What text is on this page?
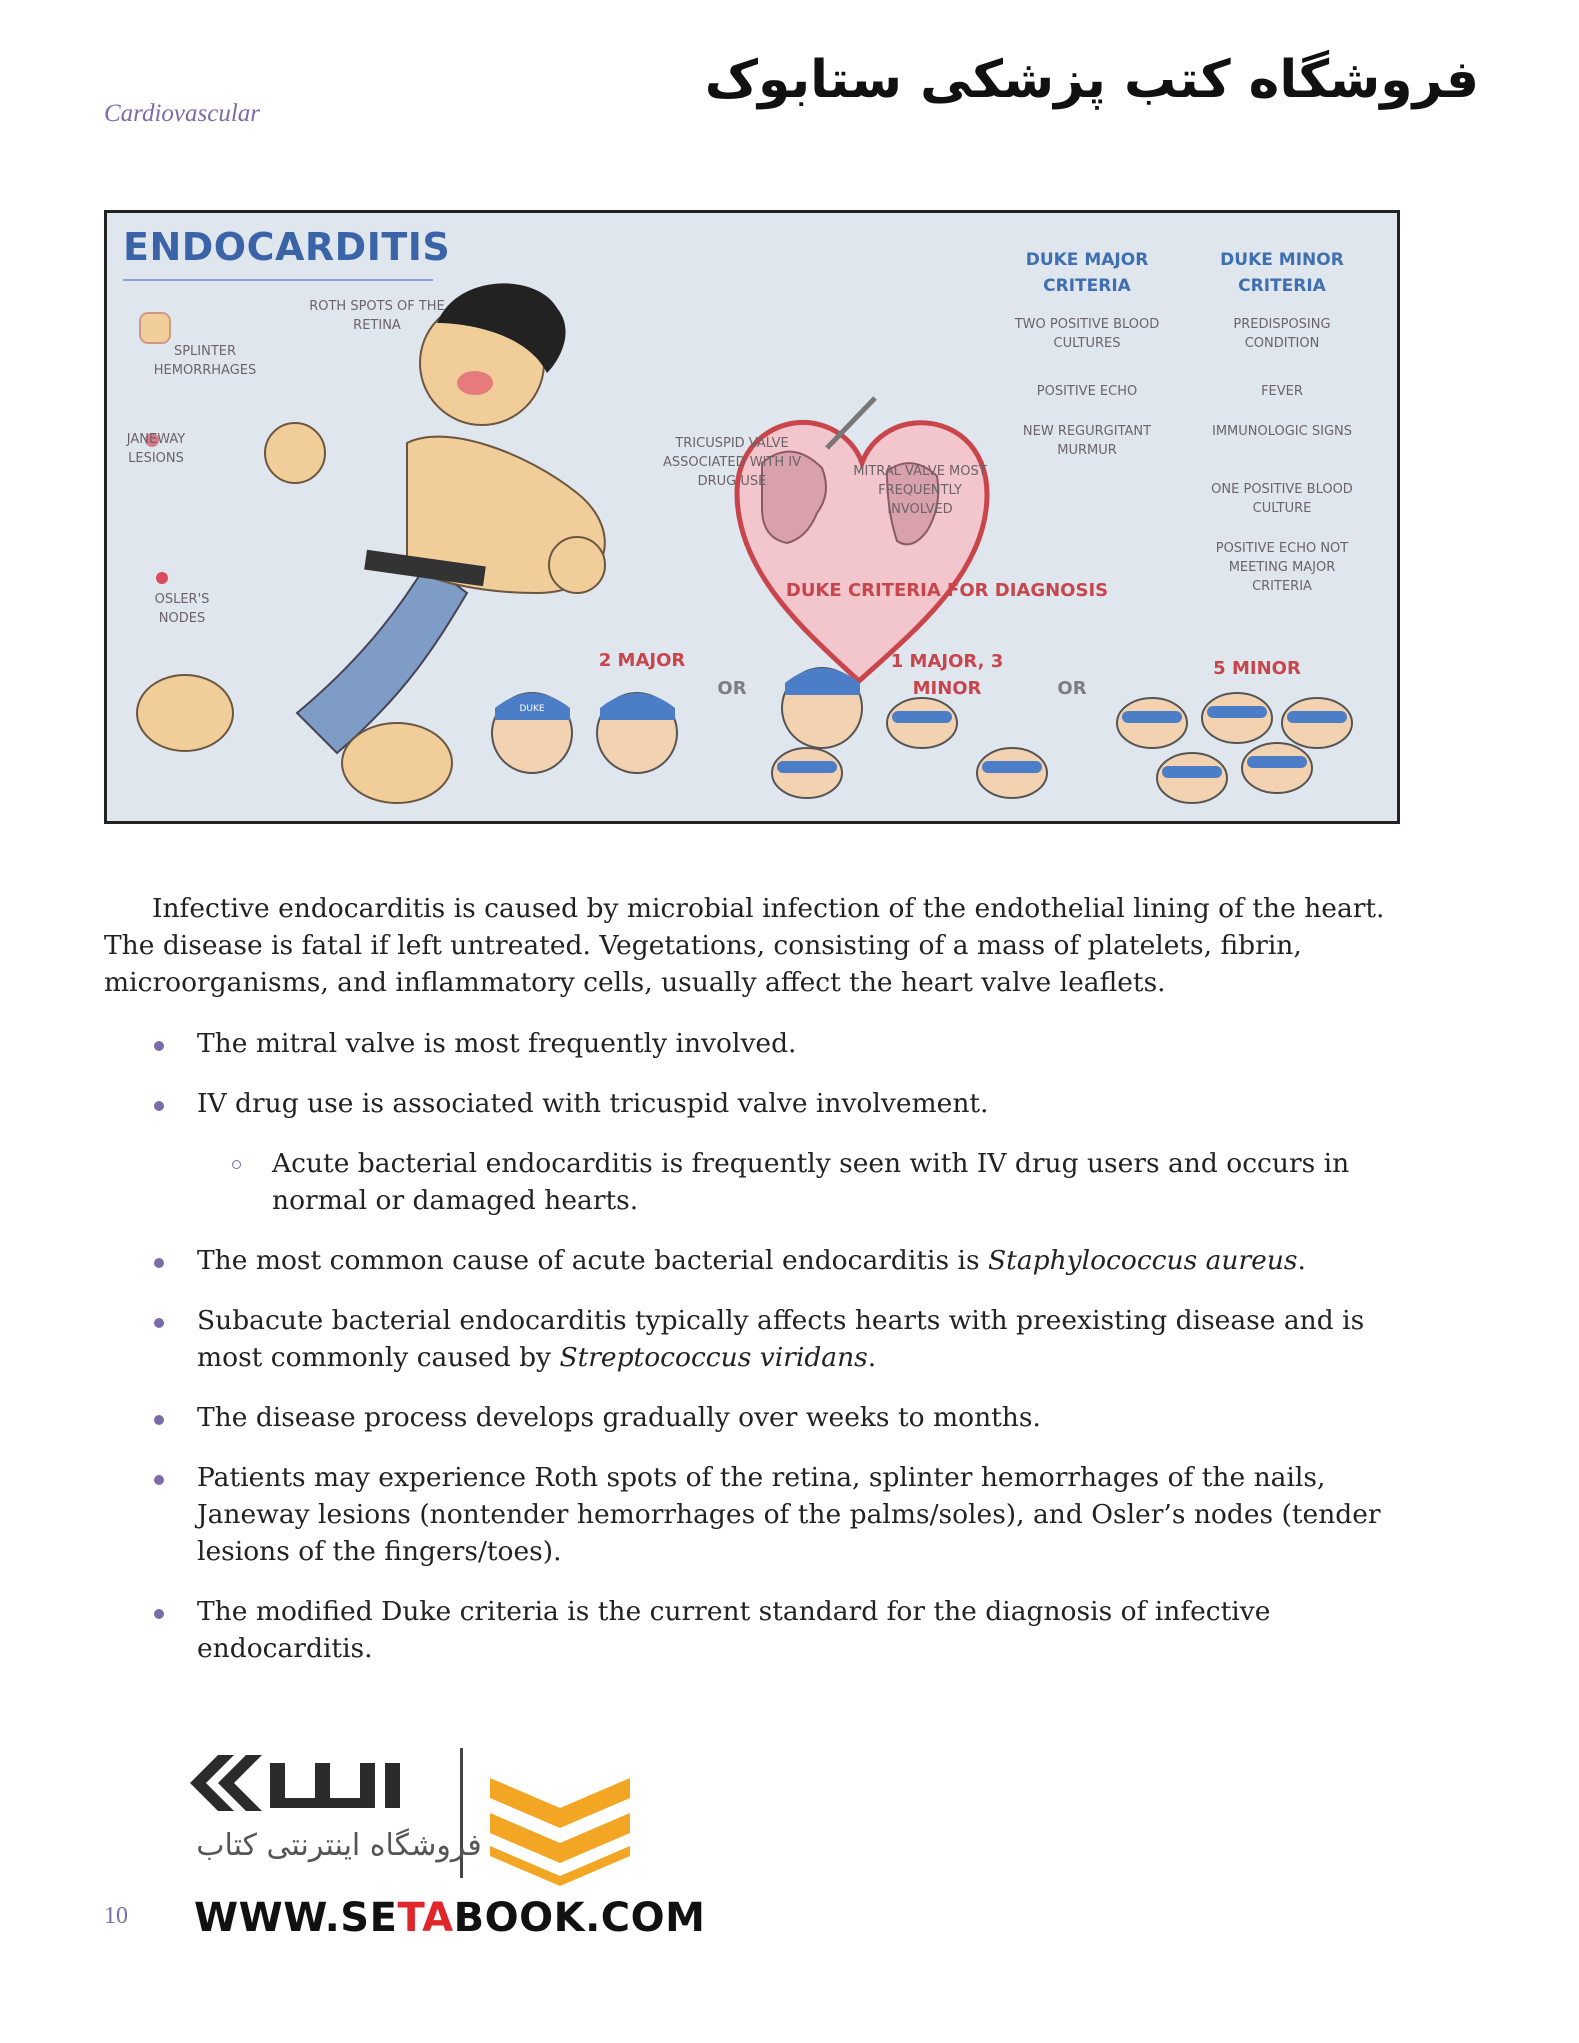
Cardiovascular
فروشگاه کتب پزشکی ستابوک
ENDOCARDITIS
ROTH SPOTS OF THE RETINA
SPLINTER HEMORRHAGES
JANEWAY LESIONS
OSLER'S NODES
TRICUSPID VALVE ASSOCIATED WITH IV DRUG USE
MITRAL VALVE MOST FREQUENTLY INVOLVED
DUKE MAJOR CRITERIA
TWO POSITIVE BLOOD CULTURES
POSITIVE ECHO
NEW REGURGITANT MURMUR
DUKE MINOR CRITERIA
PREDISPOSING CONDITION
FEVER
IMMUNOLOGIC SIGNS
ONE POSITIVE BLOOD CULTURE
POSITIVE ECHO NOT MEETING MAJOR CRITERIA
DUKE CRITERIA FOR DIAGNOSIS
2 MAJOR
OR
1 MAJOR, 3 MINOR	OR
5 MINOR
DUKE
Infective endocarditis is caused by microbial infection of the endothelial lining of the heart. The disease is fatal if left untreated. Vegetations, consisting of a mass of platelets, fibrin, microorganisms, and inflammatory cells, usually affect the heart valve leaflets.
The mitral valve is most frequently involved.
IV drug use is associated with tricuspid valve involvement.
Acute bacterial endocarditis is frequently seen with IV drug users and occurs in normal or damaged hearts.
The most common cause of acute bacterial endocarditis is Staphylococcus aureus.
Subacute bacterial endocarditis typically affects hearts with preexisting disease and is most commonly caused by Streptococcus viridans.
The disease process develops gradually over weeks to months.
Patients may experience Roth spots of the retina, splinter hemorrhages of the nails, Janeway lesions (nontender hemorrhages of the palms/soles), and Osler’s nodes (tender lesions of the fingers/toes).
The modified Duke criteria is the current standard for the diagnosis of infective endocarditis.
فروشگاه اینترنتی کتاب
10 WWW.SETABOOK.COM
